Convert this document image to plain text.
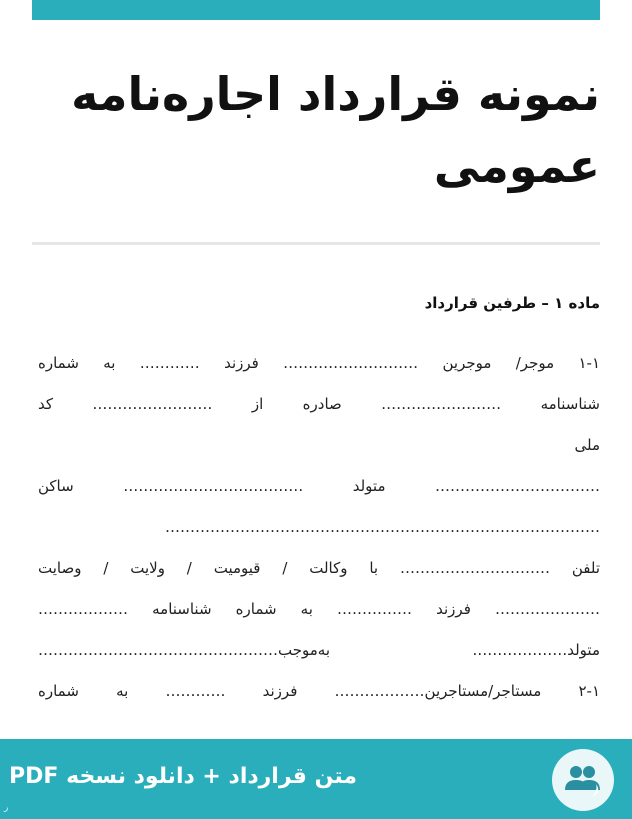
نمونه قرارداد اجاره‌نامه
عمومی
ماده ۱ – طرفین قرارداد
۱-۱ موجر/ موجرین ……………………… فرزند ………… به شماره
شناسنامه …………………… صادره از …………………… کد
ملی
…………………………… متولد ……………………………… ساکن
……………………………………………………………………………
تلفن ………………………… با وکالت / قیومیت / ولایت / وصایت
………………… فرزند …………… به شماره شناسنامه ………………
متولد………………. به‌موجب…………………………………………
۲-۱ مستاجر/مستاجرین……………… فرزند ………… به شماره
متن قرارداد + دانلود نسخه PDF
ر
